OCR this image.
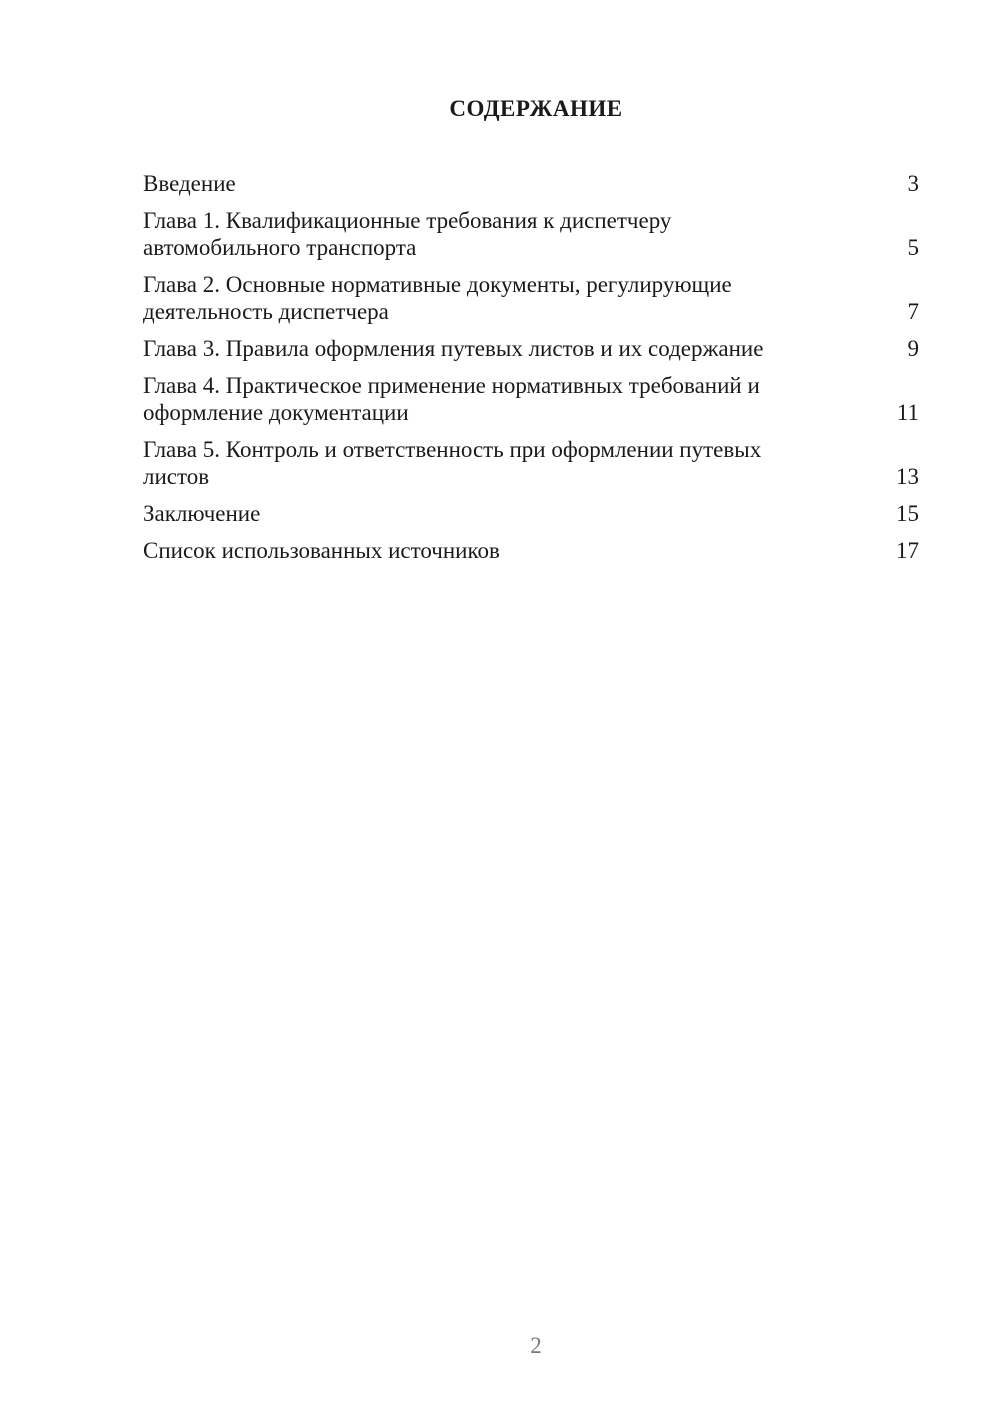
СОДЕРЖАНИЕ
Введение	3
Глава 1. Квалификационные требования к диспетчеру
автомобильного транспорта	5
Глава 2. Основные нормативные документы, регулирующие
деятельность диспетчера	7
Глава 3. Правила оформления путевых листов и их содержание	9
Глава 4. Практическое применение нормативных требований и
оформление документации	11
Глава 5. Контроль и ответственность при оформлении путевых
листов	13
Заключение	15
Список использованных источников	17
2
